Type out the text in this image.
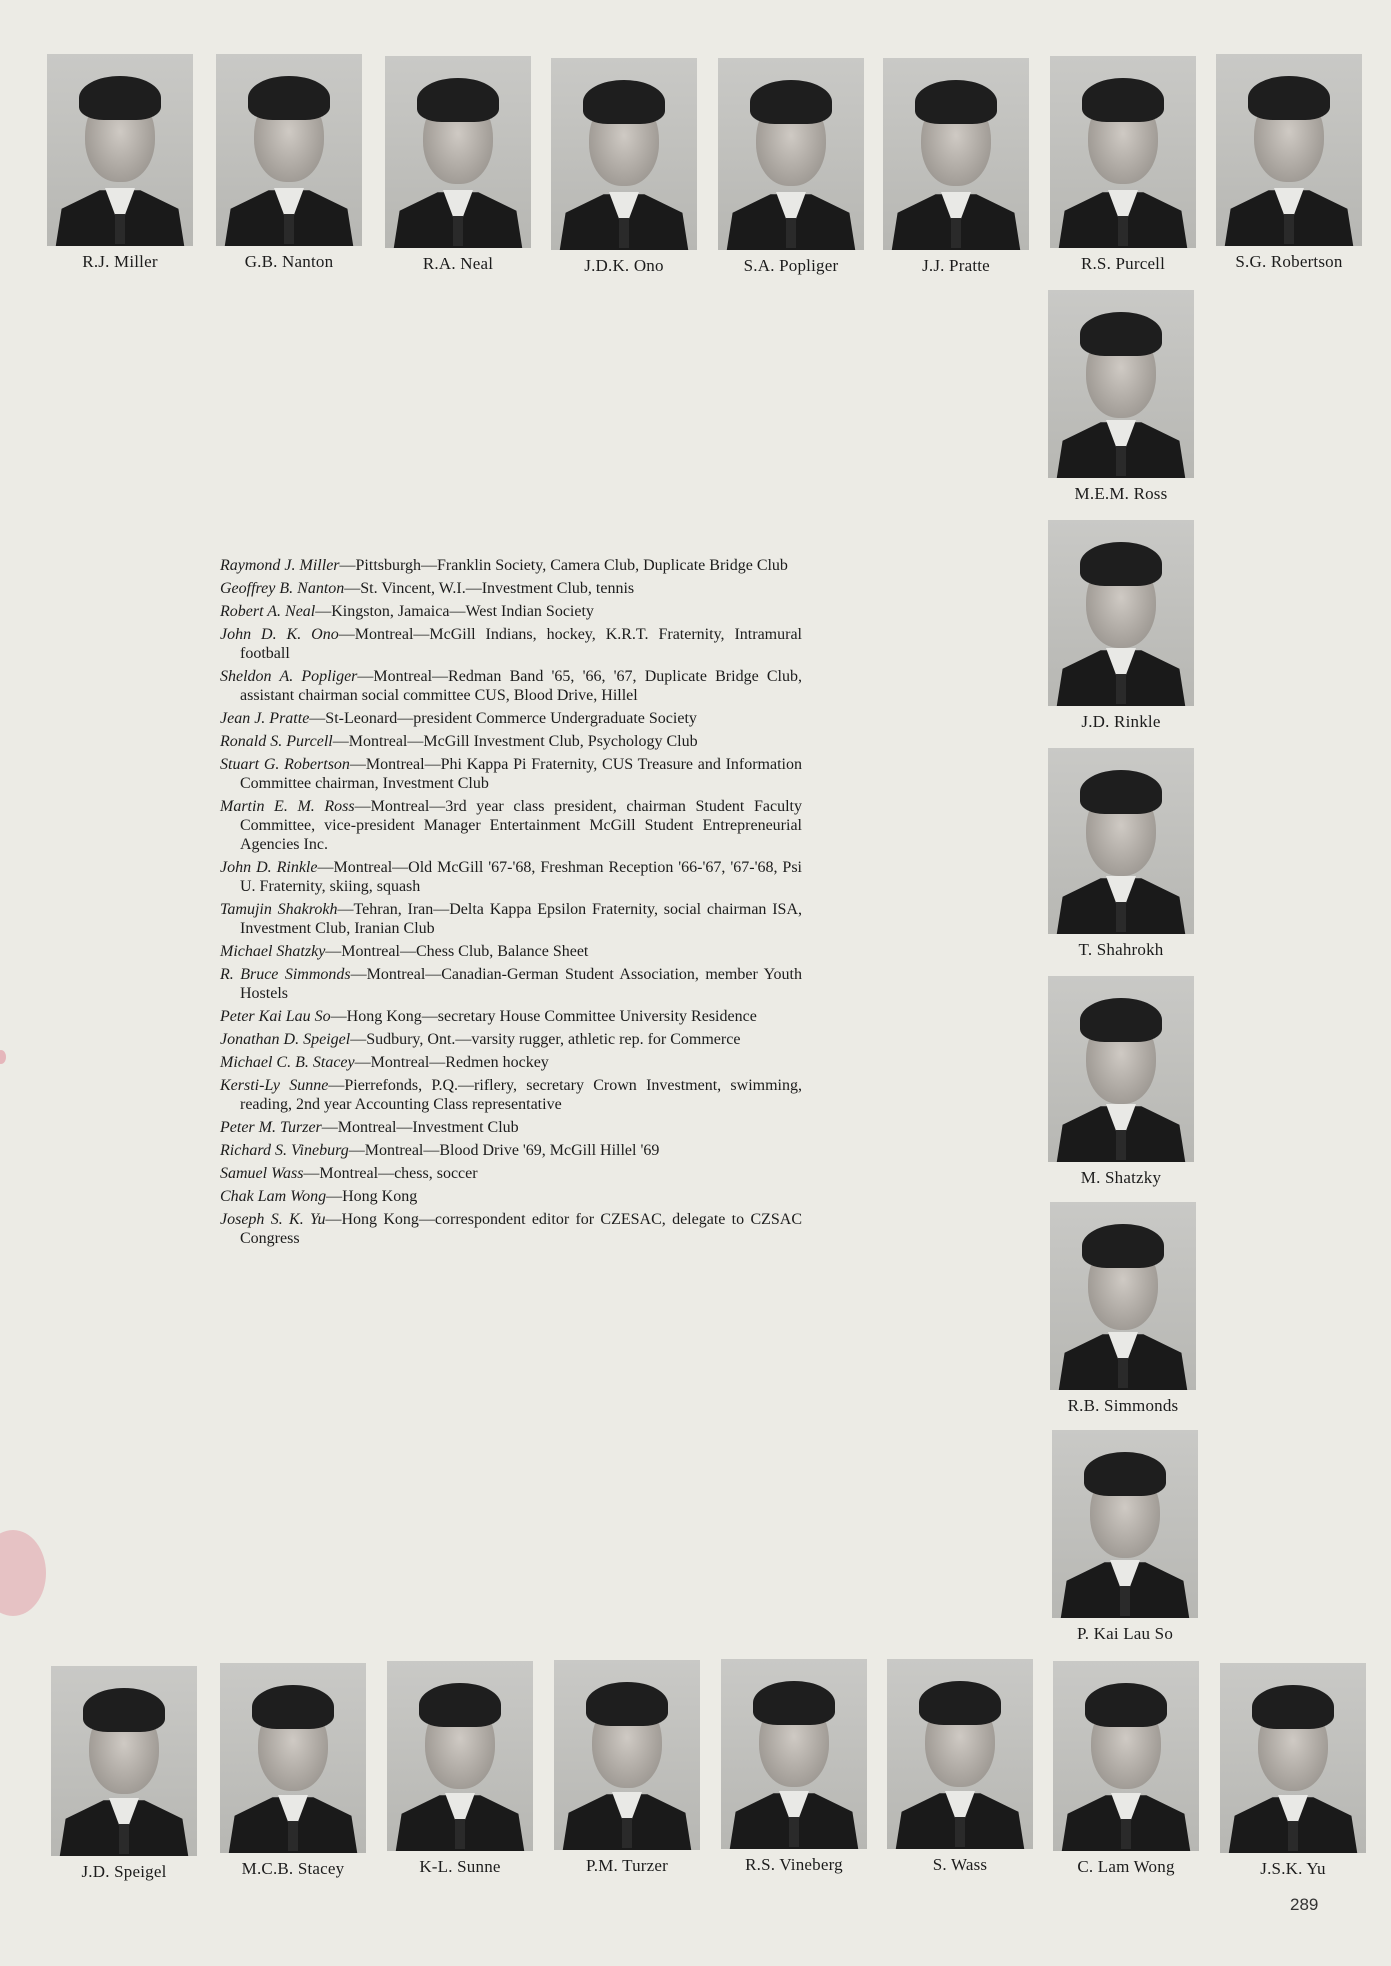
R.J. Miller	G.B. Nanton	R.A. Neal	J.D.K. Ono	S.A. Popliger	J.J. Pratte	R.S. Purcell	S.G. Robertson
M.E.M. Ross
J.D. Rinkle
T. Shahrokh
M. Shatzky
R.B. Simmonds
P. Kai Lau So

Raymond J. Miller—Pittsburgh—Franklin Society, Camera Club, Duplicate Bridge Club

Geoffrey B. Nanton—St. Vincent, W.I.—Investment Club, tennis

Robert A. Neal—Kingston, Jamaica—West Indian Society

John D. K. Ono—Montreal—McGill Indians, hockey, K.R.T. Fraternity, Intramural football

Sheldon A. Popliger—Montreal—Redman Band '65, '66, '67, Duplicate Bridge Club, assistant chairman social committee CUS, Blood Drive, Hillel

Jean J. Pratte—St-Leonard—president Commerce Undergraduate Society

Ronald S. Purcell—Montreal—McGill Investment Club, Psychology Club

Stuart G. Robertson—Montreal—Phi Kappa Pi Fraternity, CUS Treasure and Information Committee chairman, Investment Club

Martin E. M. Ross—Montreal—3rd year class president, chairman Student Faculty Committee, vice-president Manager Entertainment McGill Student Entrepreneurial Agencies Inc.

John D. Rinkle—Montreal—Old McGill '67-'68, Freshman Reception '66-'67, '67-'68, Psi U. Fraternity, skiing, squash

Tamujin Shakrokh—Tehran, Iran—Delta Kappa Epsilon Fraternity, social chairman ISA, Investment Club, Iranian Club

Michael Shatzky—Montreal—Chess Club, Balance Sheet

R. Bruce Simmonds—Montreal—Canadian-German Student Association, member Youth Hostels

Peter Kai Lau So—Hong Kong—secretary House Committee University Residence

Jonathan D. Speigel—Sudbury, Ont.—varsity rugger, athletic rep. for Commerce

Michael C. B. Stacey—Montreal—Redmen hockey

Kersti-Ly Sunne—Pierrefonds, P.Q.—riflery, secretary Crown Investment, swimming, reading, 2nd year Accounting Class representative

Peter M. Turzer—Montreal—Investment Club

Richard S. Vineburg—Montreal—Blood Drive '69, McGill Hillel '69

Samuel Wass—Montreal—chess, soccer

Chak Lam Wong—Hong Kong

Joseph S. K. Yu—Hong Kong—correspondent editor for CZESAC, delegate to CZSAC Congress

J.D. Speigel	M.C.B. Stacey	K-L. Sunne	P.M. Turzer	R.S. Vineberg	S. Wass	C. Lam Wong	J.S.K. Yu
289
